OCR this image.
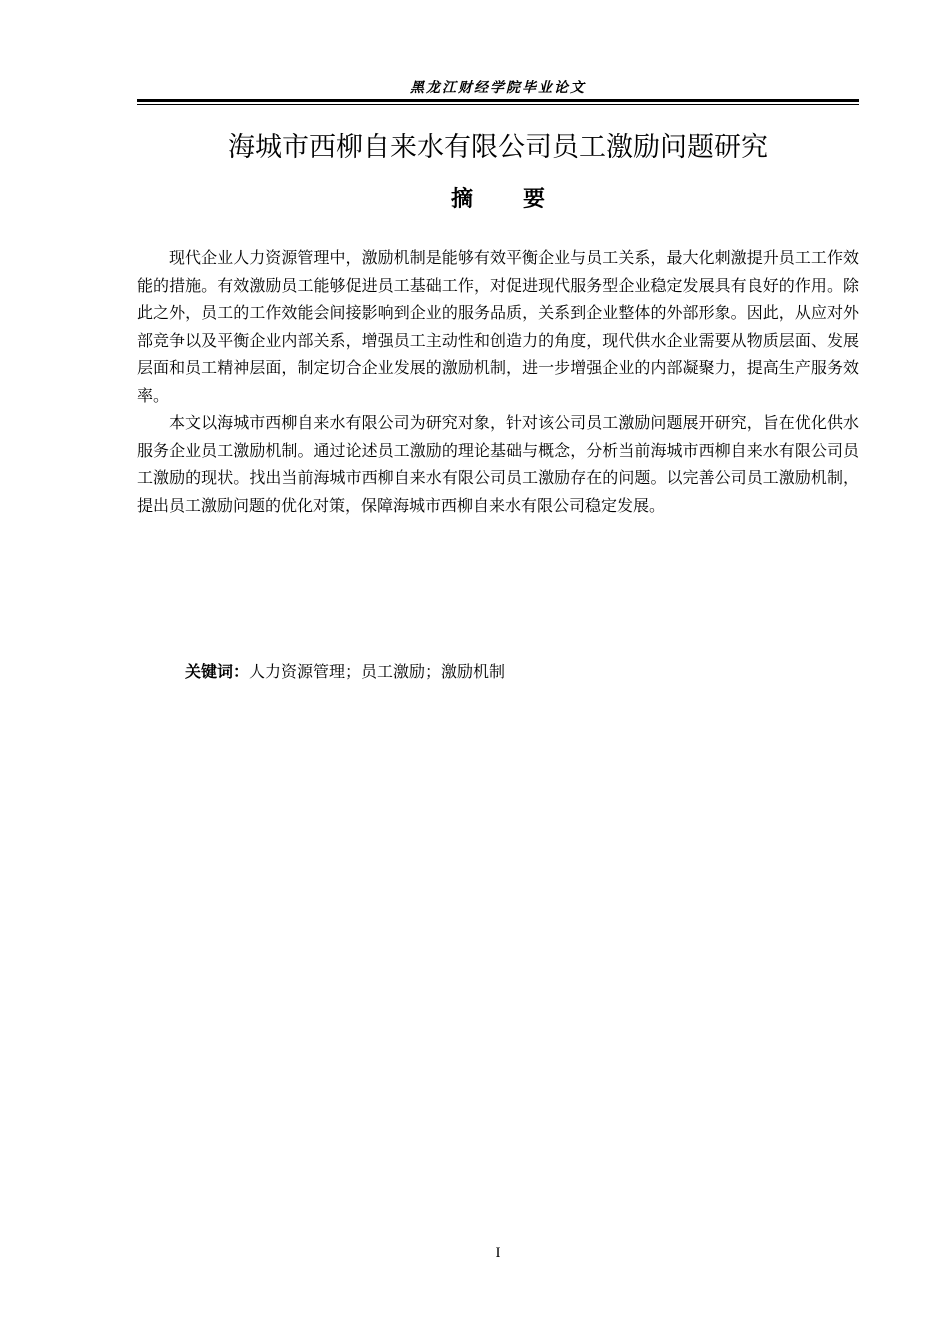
黑龙江财经学院毕业论文
海城市西柳自来水有限公司员工激励问题研究
摘要

现代企业人力资源管理中，激励机制是能够有效平衡企业与员工关系，最大化刺激提升员工工作效能的措施。有效激励员工能够促进员工基础工作，对促进现代服务型企业稳定发展具有良好的作用。除此之外，员工的工作效能会间接影响到企业的服务品质，关系到企业整体的外部形象。因此，从应对外部竞争以及平衡企业内部关系，增强员工主动性和创造力的角度，现代供水企业需要从物质层面、发展层面和员工精神层面，制定切合企业发展的激励机制，进一步增强企业的内部凝聚力，提高生产服务效率。

本文以海城市西柳自来水有限公司为研究对象，针对该公司员工激励问题展开研究，旨在优化供水服务企业员工激励机制。通过论述员工激励的理论基础与概念，分析当前海城市西柳自来水有限公司员工激励的现状。找出当前海城市西柳自来水有限公司员工激励存在的问题。以完善公司员工激励机制，提出员工激励问题的优化对策，保障海城市西柳自来水有限公司稳定发展。

关键词：人力资源管理；员工激励；激励机制
I
